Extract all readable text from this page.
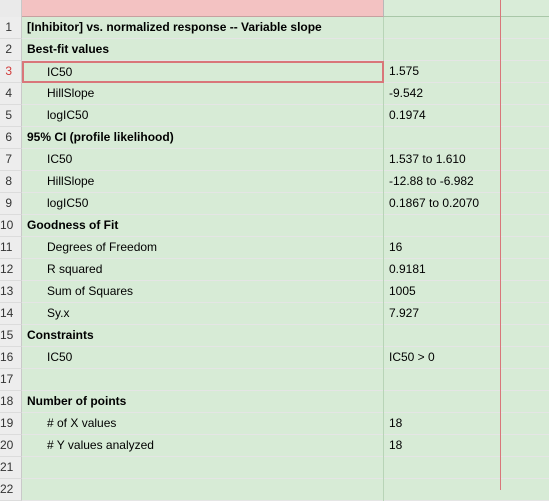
1	[Inhibitor] vs. normalized response -- Variable slope
2	Best-fit values
3	IC50	1.575
4	HillSlope	-9.542
5	logIC50	0.1974
6	95% CI (profile likelihood)
7	IC50	1.537 to 1.610
8	HillSlope	-12.88 to -6.982
9	logIC50	0.1867 to 0.2070
10	Goodness of Fit
11	Degrees of Freedom	16
12	R squared	0.9181
13	Sum of Squares	1005
14	Sy.x	7.927
15	Constraints
16	IC50	IC50 > 0
17
18	Number of points
19	# of X values	18
20	# Y values analyzed	18
21
22
